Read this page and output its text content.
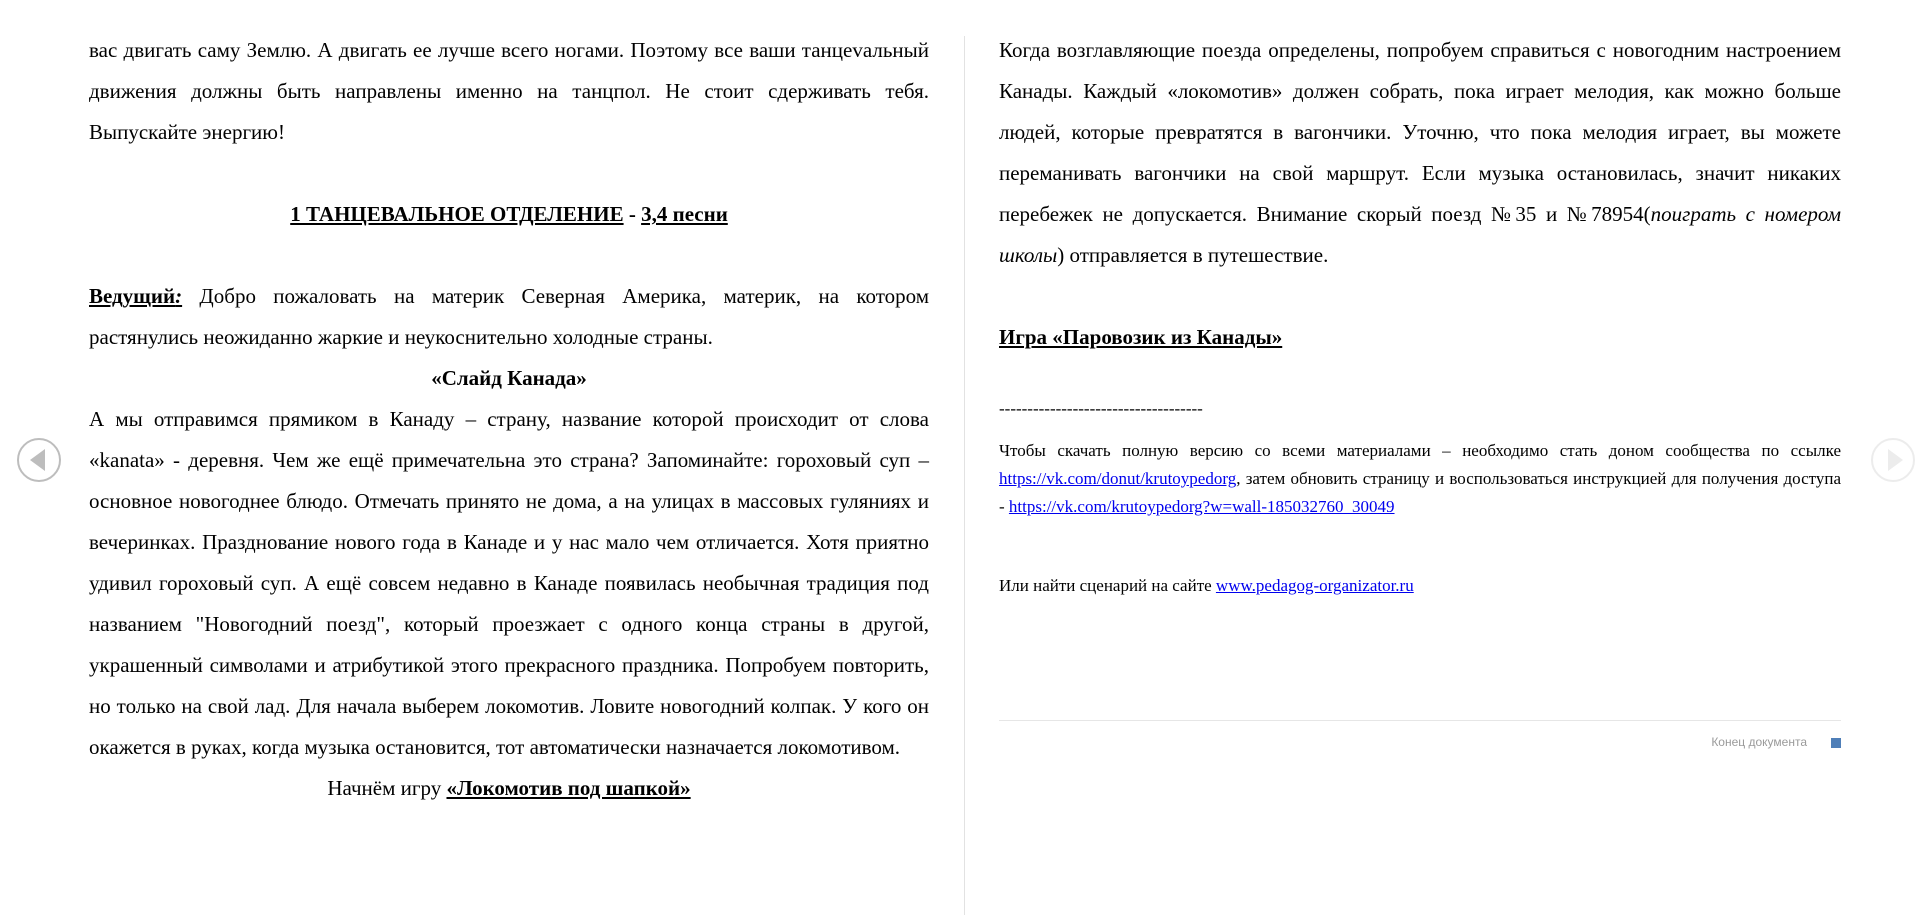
вас двигать саму Землю. А двигать ее лучше всего ногами. Поэтому все ваши танцеvальный движения должны быть направлены именно на танцпол. Не стоит сдерживать тебя. Выпускайте энергию!

1 ТАНЦЕВАЛЬНОЕ ОТДЕЛЕНИЕ - 3,4 песни

Ведущий: Добро пожаловать на материк Северная Америка, материк, на котором растянулись неожиданно жаркие и неукоснительно холодные страны.

«Слайд Канада»

А мы отправимся прямиком в Канаду – страну, название которой происходит от слова «kanata» - деревня. Чем же ещё примечательна это страна? Запоминайте: гороховый суп – основное новогоднее блюдо. Отмечать принято не дома, а на улицах в массовых гуляниях и вечеринках. Празднование нового года в Канаде и у нас мало чем отличается. Хотя приятно удивил гороховый суп. А ещё совсем недавно в Канаде появилась необычная традиция под названием "Новогодний поезд", который проезжает с одного конца страны в другой, украшенный символами и атрибутикой этого прекрасного праздника. Попробуем повторить, но только на свой лад. Для начала выберем локомотив. Ловите новогодний колпак. У кого он окажется в руках, когда музыка остановится, тот автоматически назначается локомотивом.

Начнём игру «Локомотив под шапкой»

Когда возглавляющие поезда определены, попробуем справиться с новогодним настроением Канады. Каждый «локомотив» должен собрать, пока играет мелодия, как можно больше людей, которые превратятся в вагончики. Уточню, что пока мелодия играет, вы можете переманивать вагончики на свой маршрут. Если музыка остановилась, значит никаких перебежек не допускается. Внимание скорый поезд №35 и №78954(поиграть с номером школы) отправляется в путешествие.

Игра «Паровозик из Канады»

------------------------------------

Чтобы скачать полную версию со всеми материалами – необходимо стать доном сообщества по ссылке https://vk.com/donut/krutoypedorg, затем обновить страницу и воспользоваться инструкцией для получения доступа - https://vk.com/krutoypedorg?w=wall-185032760_30049

Или найти сценарий на сайте www.pedagog-organizator.ru

Конец документа
